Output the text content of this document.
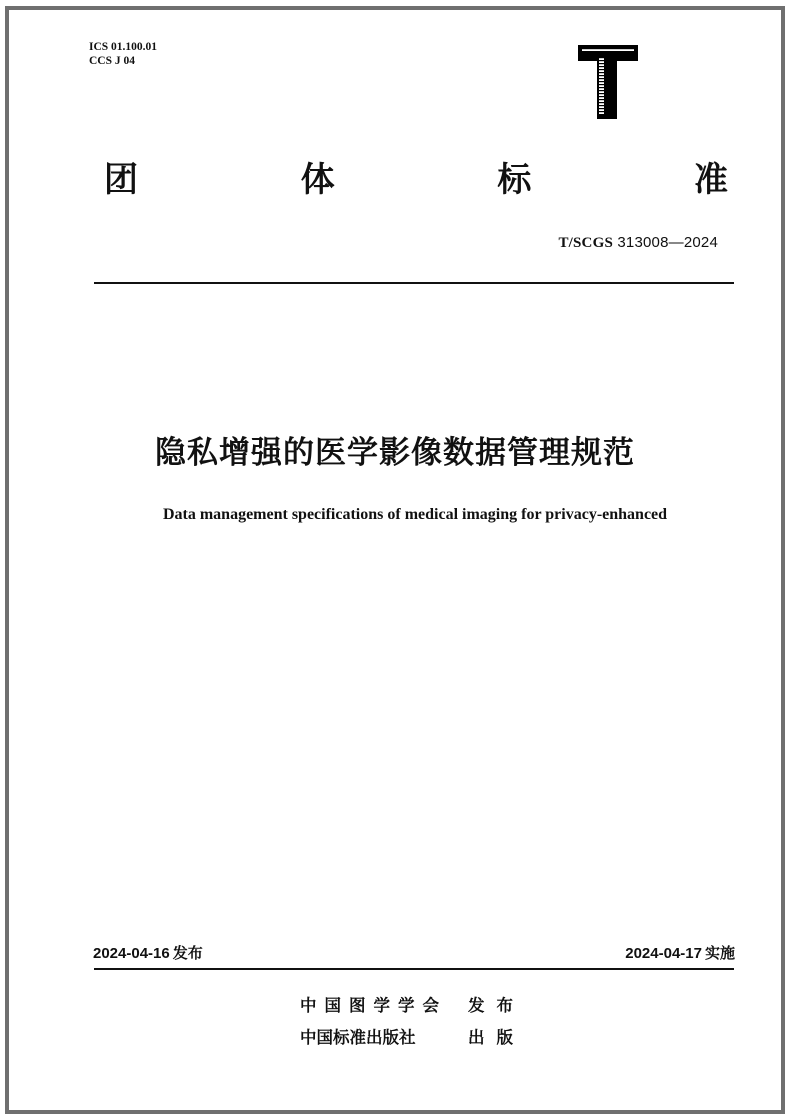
ICS 01.100.01
CCS J 04
团	体	标	准
T/SCGS 313008—2024
隐私增强的医学影像数据管理规范
Data management specifications of medical imaging for privacy-enhanced
2024-04-16 发布	2024-04-17 实施
中国图学学会	发布
中国标准出版社	出版
